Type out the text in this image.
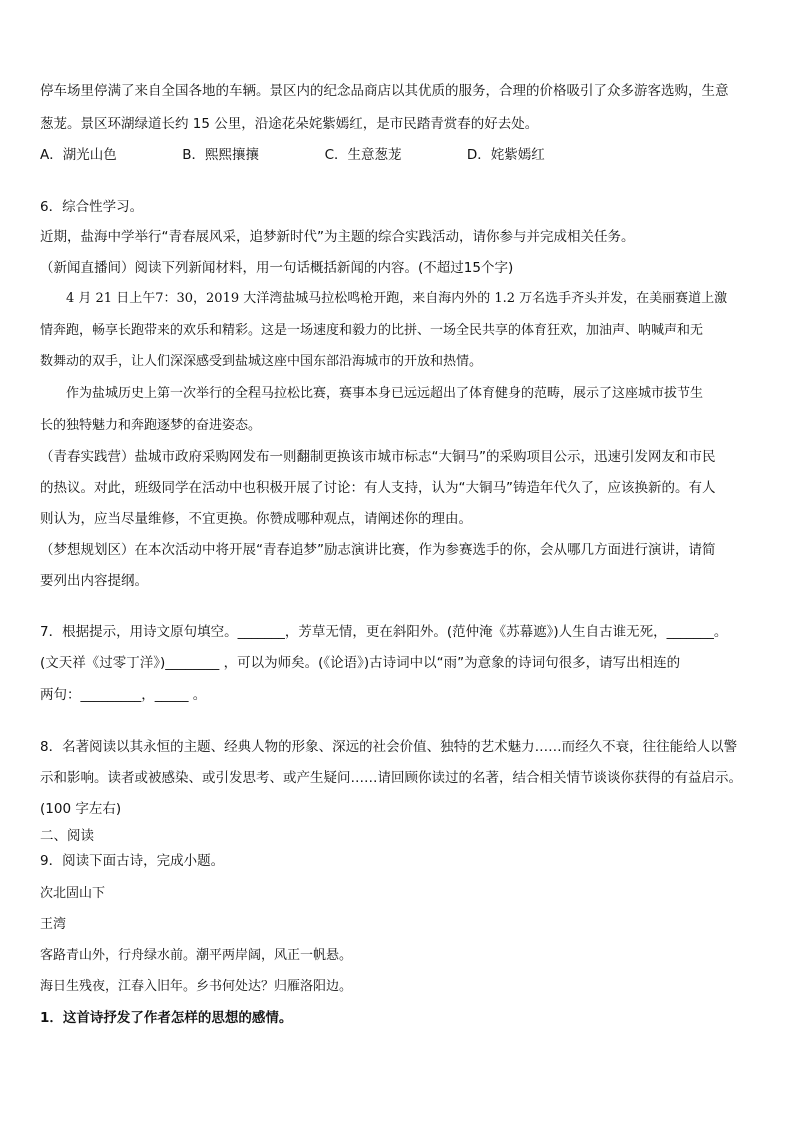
停车场里停满了来自全国各地的车辆。景区内的纪念品商店以其优质的服务，合理的价格吸引了众多游客选购，生意
葱茏。景区环湖绿道长约 15 公里，沿途花朵姹紫嫣红，是市民踏青赏春的好去处。
A．湖光山色	B．熙熙攘攘	C．生意葱茏	D．姹紫嫣红
6．综合性学习。
近期，盐海中学举行“青春展风采，追梦新时代”为主题的综合实践活动，请你参与并完成相关任务。
（新闻直播间）阅读下列新闻材料，用一句话概括新闻的内容。(不超过15个字)
4 月 21 日上午7：30，2019 大洋湾盐城马拉松鸣枪开跑，来自海内外的 1.2 万名选手齐头并发，在美丽赛道上激
情奔跑，畅享长跑带来的欢乐和精彩。这是一场速度和毅力的比拼、一场全民共享的体育狂欢，加油声、呐喊声和无
数舞动的双手，让人们深深感受到盐城这座中国东部沿海城市的开放和热情。
作为盐城历史上第一次举行的全程马拉松比赛，赛事本身已远远超出了体育健身的范畴，展示了这座城市拔节生
长的独特魅力和奔跑逐梦的奋进姿态。
（青春实践营）盐城市政府采购网发布一则翻制更换该市城市标志“大铜马”的采购项目公示，迅速引发网友和市民
的热议。对此，班级同学在活动中也积极开展了讨论：有人支持，认为“大铜马”铸造年代久了，应该换新的。有人
则认为，应当尽量维修，不宜更换。你赞成哪种观点，请阐述你的理由。
（梦想规划区）在本次活动中将开展“青春追梦”励志演讲比赛，作为参赛选手的你，会从哪几方面进行演讲，请简
要列出内容提纲。
7．根据提示，用诗文原句填空。_______，芳草无情，更在斜阳外。(范仲淹《苏幕遮》)人生自古谁无死，_______。
(文天祥《过零丁洋》)________ ，可以为师矣。(《论语》)古诗词中以“雨”为意象的诗词句很多，请写出相连的
两句：_________，_____ 。
8．名著阅读以其永恒的主题、经典人物的形象、深远的社会价值、独特的艺术魅力……而经久不衰，往往能给人以警
示和影响。读者或被感染、或引发思考、或产生疑问……请回顾你读过的名著，结合相关情节谈谈你获得的有益启示。
(100 字左右)
二、阅读
9．阅读下面古诗，完成小题。
次北固山下
王湾
客路青山外，行舟绿水前。潮平两岸阔，风正一帆悬。
海日生残夜，江春入旧年。乡书何处达？归雁洛阳边。
1．这首诗抒发了作者怎样的思想的感情。
